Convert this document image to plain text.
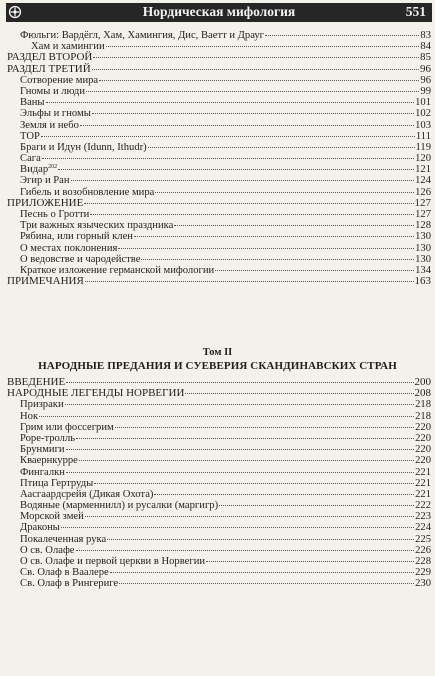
Нордическая мифология	551
Фюльги: Вардёгл, Хам, Хамингия, Дис, Ваетт и Драуг	83
Хам и хамингии	84
РАЗДЕЛ ВТОРОЙ	85
РАЗДЕЛ ТРЕТИЙ	96
Сотворение мира	96
Гномы и люди	99
Ваны	101
Эльфы и гномы	102
Земля и небо	103
ТОР	111
Браги и Идун (Idunn, Ithudr)	119
Сага	120
Видар$^{202}$	121
Эгир и Ран	124
Гибель и возобновление мира	126
ПРИЛОЖЕНИЕ	127
Песнь о Гротти	127
Три важных языческих праздника	128
Рябина, или горный клен	130
О местах поклонения	130
О ведовстве и чародействе	130
Краткое изложение германской мифологии	134
ПРИМЕЧАНИЯ	163
Том II
НАРОДНЫЕ ПРЕДАНИЯ И СУЕВЕРИЯ СКАНДИНАВСКИХ СТРАН
ВВЕДЕНИЕ	200
НАРОДНЫЕ ЛЕГЕНДЫ НОРВЕГИИ	208
Призраки	218
Нок	218
Грим или фоссегрим	220
Роре-тролль	220
Брунмиги	220
Кваернкурре	220
Фингалкн	221
Птица Гертруды	221
Аасгаардсрейя (Дикая Охота)	221
Водяные (марменнилл) и русалки (маргигр)	222
Морской змей	223
Драконы	224
Покалеченная рука	225
О св. Олафе	226
О св. Олафе и первой церкви в Норвегии	228
Св. Олаф в Ваалере	229
Св. Олаф в Рингериге	230
